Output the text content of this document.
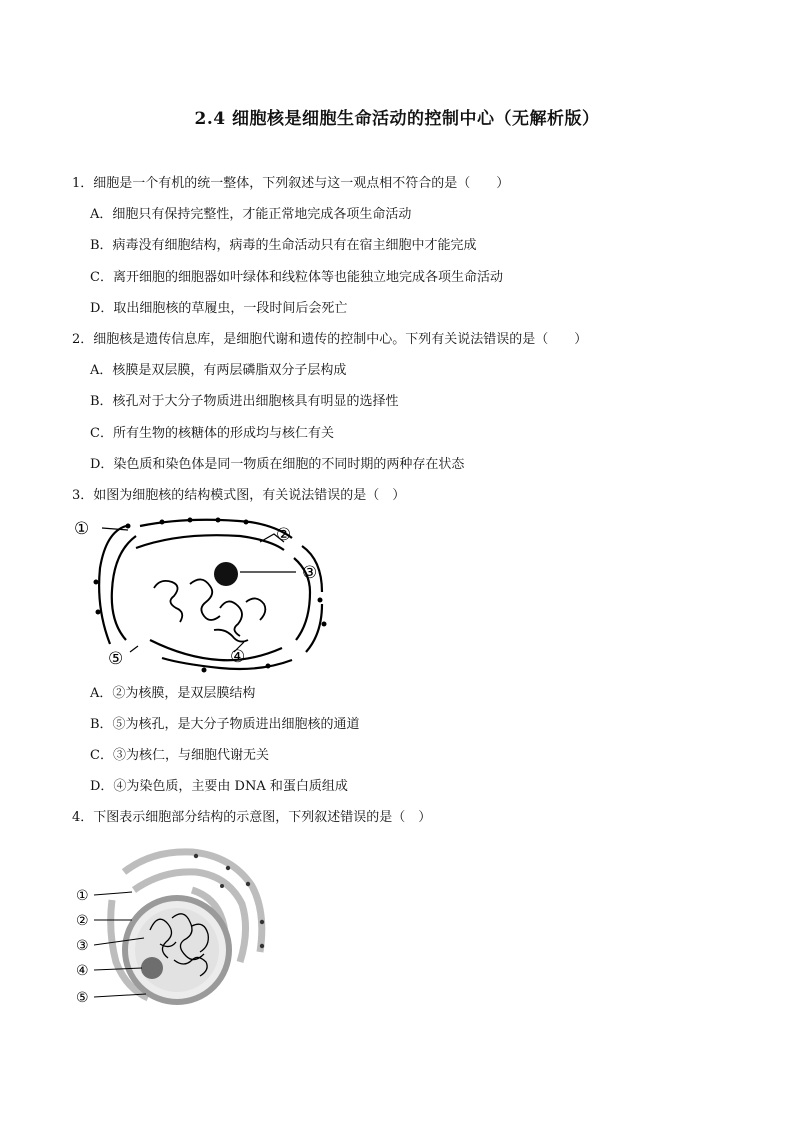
2.4 细胞核是细胞生命活动的控制中心（无解析版）
1．细胞是一个有机的统一整体，下列叙述与这一观点相不符合的是（　　）
A．细胞只有保持完整性，才能正常地完成各项生命活动
B．病毒没有细胞结构，病毒的生命活动只有在宿主细胞中才能完成
C．离开细胞的细胞器如叶绿体和线粒体等也能独立地完成各项生命活动
D．取出细胞核的草履虫，一段时间后会死亡
2．细胞核是遗传信息库，是细胞代谢和遗传的控制中心。下列有关说法错误的是（　　）
A．核膜是双层膜，有两层磷脂双分子层构成
B．核孔对于大分子物质进出细胞核具有明显的选择性
C．所有生物的核糖体的形成均与核仁有关
D．染色质和染色体是同一物质在细胞的不同时期的两种存在状态
3．如图为细胞核的结构模式图，有关说法错误的是（　）
①	②
③
④
⑤
A．②为核膜，是双层膜结构
B．⑤为核孔，是大分子物质进出细胞核的通道
C．③为核仁，与细胞代谢无关
D．④为染色质，主要由 DNA 和蛋白质组成
4．下图表示细胞部分结构的示意图，下列叙述错误的是（　）
①
②
③
④
⑤
